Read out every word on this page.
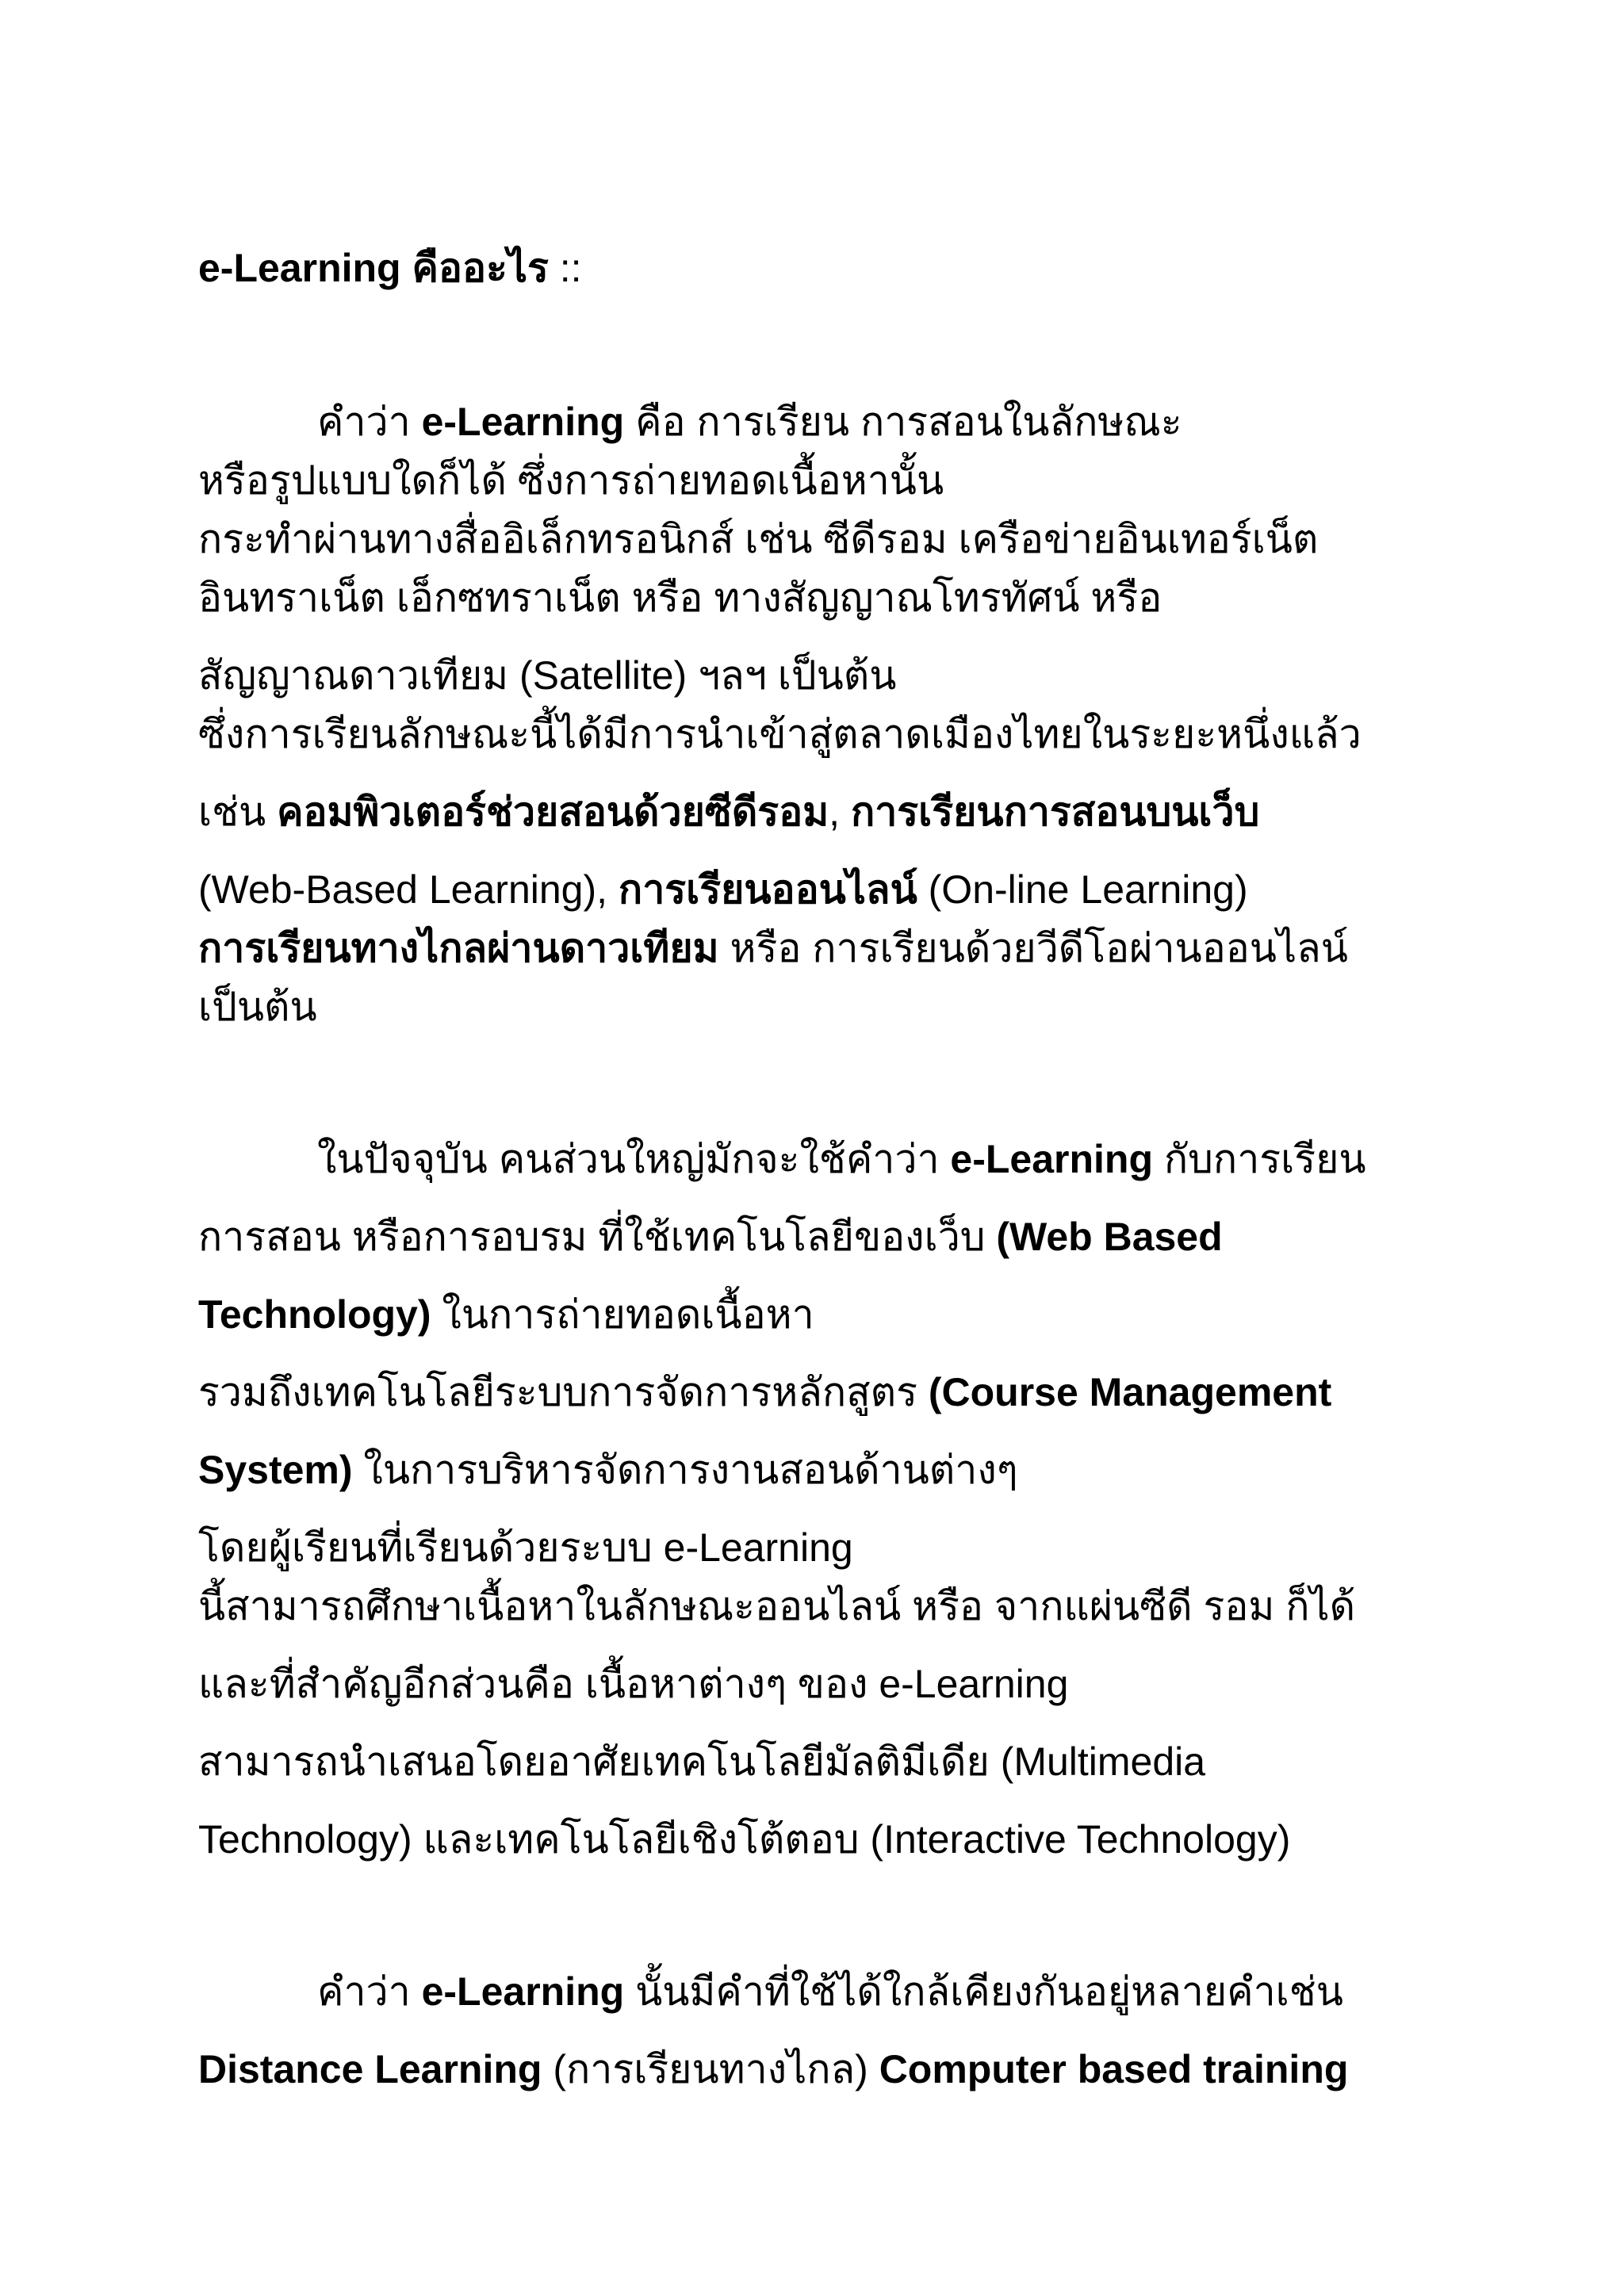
e-Learning คืออะไร ::
คำว่า e-Learning คือ การเรียน การสอนในลักษณะ
หรือรูปแบบใดก็ได้ ซึ่งการถ่ายทอดเนื้อหานั้น
กระทำผ่านทางสื่ออิเล็กทรอนิกส์ เช่น ซีดีรอม เครือข่ายอินเทอร์เน็ต
อินทราเน็ต เอ็กซทราเน็ต หรือ ทางสัญญาณโทรทัศน์ หรือ
สัญญาณดาวเทียม (Satellite) ฯลฯ เป็นต้น
ซึ่งการเรียนลักษณะนี้ได้มีการนำเข้าสู่ตลาดเมืองไทยในระยะหนึ่งแล้ว
เช่น คอมพิวเตอร์ช่วยสอนด้วยซีดีรอม, การเรียนการสอนบนเว็บ
(Web-Based Learning), การเรียนออนไลน์ (On-line Learning)
การเรียนทางไกลผ่านดาวเทียม หรือ การเรียนด้วยวีดีโอผ่านออนไลน์
เป็นต้น
ในปัจจุบัน คนส่วนใหญ่มักจะใช้คำว่า e-Learning กับการเรียน
การสอน หรือการอบรม ที่ใช้เทคโนโลยีของเว็บ (Web Based
Technology) ในการถ่ายทอดเนื้อหา
รวมถึงเทคโนโลยีระบบการจัดการหลักสูตร (Course Management
System) ในการบริหารจัดการงานสอนด้านต่างๆ
โดยผู้เรียนที่เรียนด้วยระบบ e-Learning
นี้สามารถศึกษาเนื้อหาในลักษณะออนไลน์ หรือ จากแผ่นซีดี รอม ก็ได้
และที่สำคัญอีกส่วนคือ เนื้อหาต่างๆ ของ e-Learning
สามารถนำเสนอโดยอาศัยเทคโนโลยีมัลติมีเดีย (Multimedia
Technology) และเทคโนโลยีเชิงโต้ตอบ (Interactive Technology)
คำว่า e-Learning นั้นมีคำที่ใช้ได้ใกล้เคียงกันอยู่หลายคำเช่น
Distance Learning (การเรียนทางไกล) Computer based training
